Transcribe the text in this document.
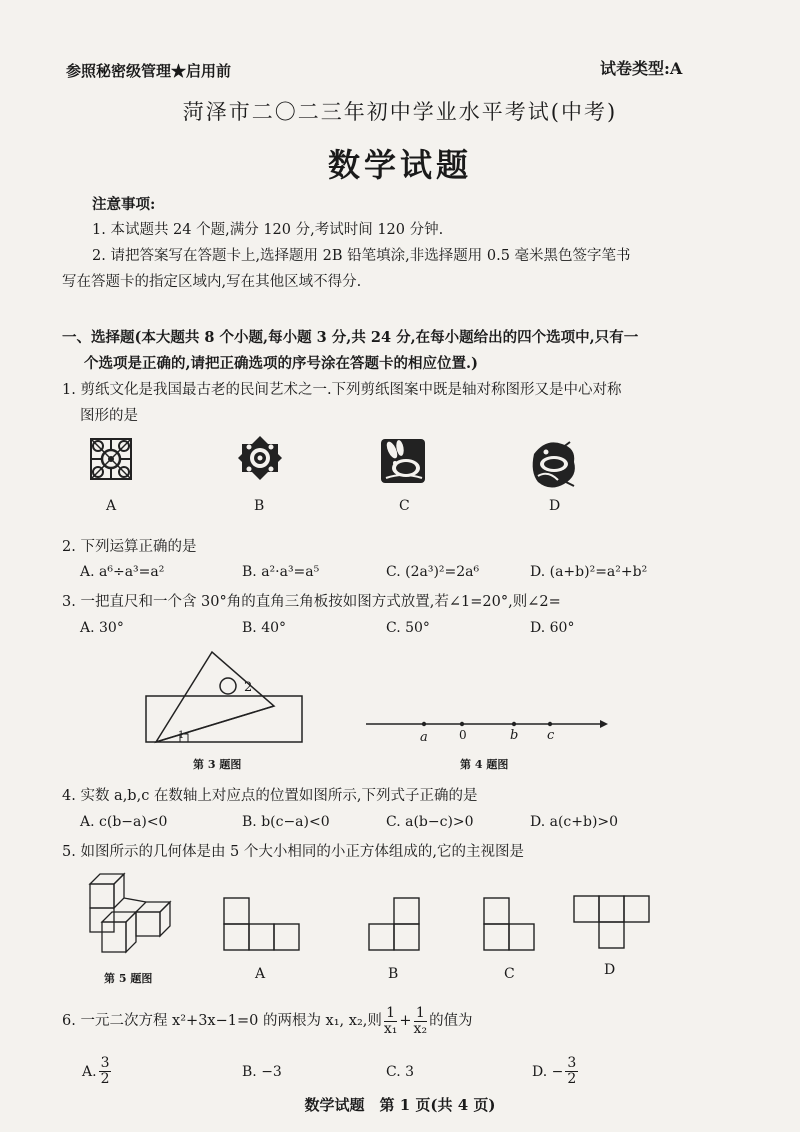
参照秘密级管理★启用前	试卷类型:A
菏泽市二〇二三年初中学业水平考试(中考)
数学试题
注意事项:
1. 本试题共 24 个题,满分 120 分,考试时间 120 分钟.
2. 请把答案写在答题卡上,选择题用 2B 铅笔填涂,非选择题用 0.5 毫米黑色签字笔书
写在答题卡的指定区域内,写在其他区域不得分.
一、选择题(本大题共 8 个小题,每小题 3 分,共 24 分,在每小题给出的四个选项中,只有一
个选项是正确的,请把正确选项的序号涂在答题卡的相应位置.)
1. 剪纸文化是我国最古老的民间艺术之一.下列剪纸图案中既是轴对称图形又是中心对称
图形的是
A	B	C	D
2. 下列运算正确的是
A. a⁶÷a³=a²	B. a²·a³=a⁵	C. (2a³)²=2a⁶	D. (a+b)²=a²+b²
3. 一把直尺和一个含 30°角的直角三角板按如图方式放置,若∠1=20°,则∠2=
A. 30°	B. 40°	C. 50°	D. 60°
2
1
第 3 题图
a	0	b c
第 4 题图
4. 实数 a,b,c 在数轴上对应点的位置如图所示,下列式子正确的是
A. c(b−a)<0	B. b(c−a)<0	C. a(b−c)>0	D. a(c+b)>0
5. 如图所示的几何体是由 5 个大小相同的小正方体组成的,它的主视图是
第 5 题图	A	B	C	D
6. 一元二次方程 x²+3x−1=0 的两根为 x₁, x₂,则 $\frac{1}{\text{x₁}} + \frac{1}{\text{x₂}}$ 的值为
A. $\frac{3}{2}$	B. −3	C. 3	D. − $\frac{3}{2}$
数学试题　第 1 页(共 4 页)
